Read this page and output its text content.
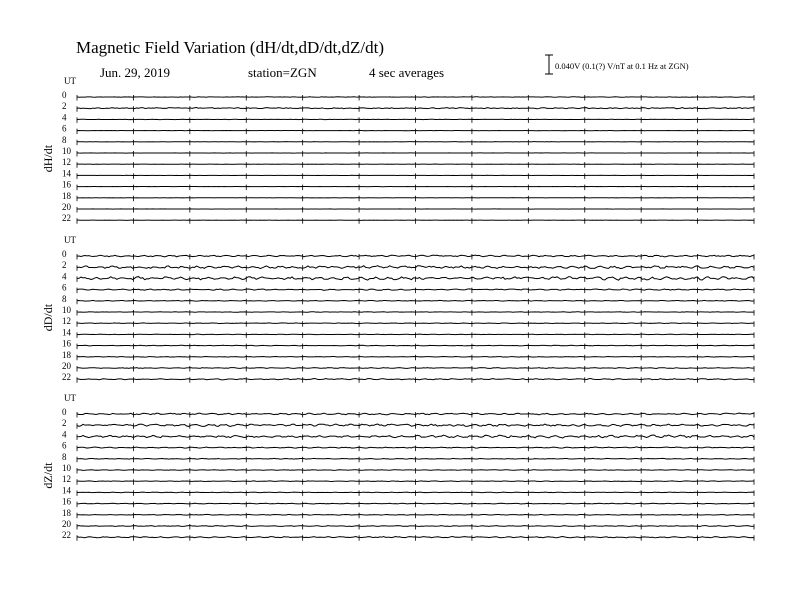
Magnetic Field Variation (dH/dt,dD/dt,dZ/dt)
Jun. 29, 2019	station=ZGN	4 sec averages	0.040V (0.1(?) V/nT at 0.1 Hz at ZGN)
UT
dH/dt
0
2
4
6
8
10
12
14
16
18
20
22
UT
dD/dt
0
2
4
6
8
10
12
14
16
18
20
22
UT
dZ/dt
0
2
4
6
8
10
12
14
16
18
20
22
